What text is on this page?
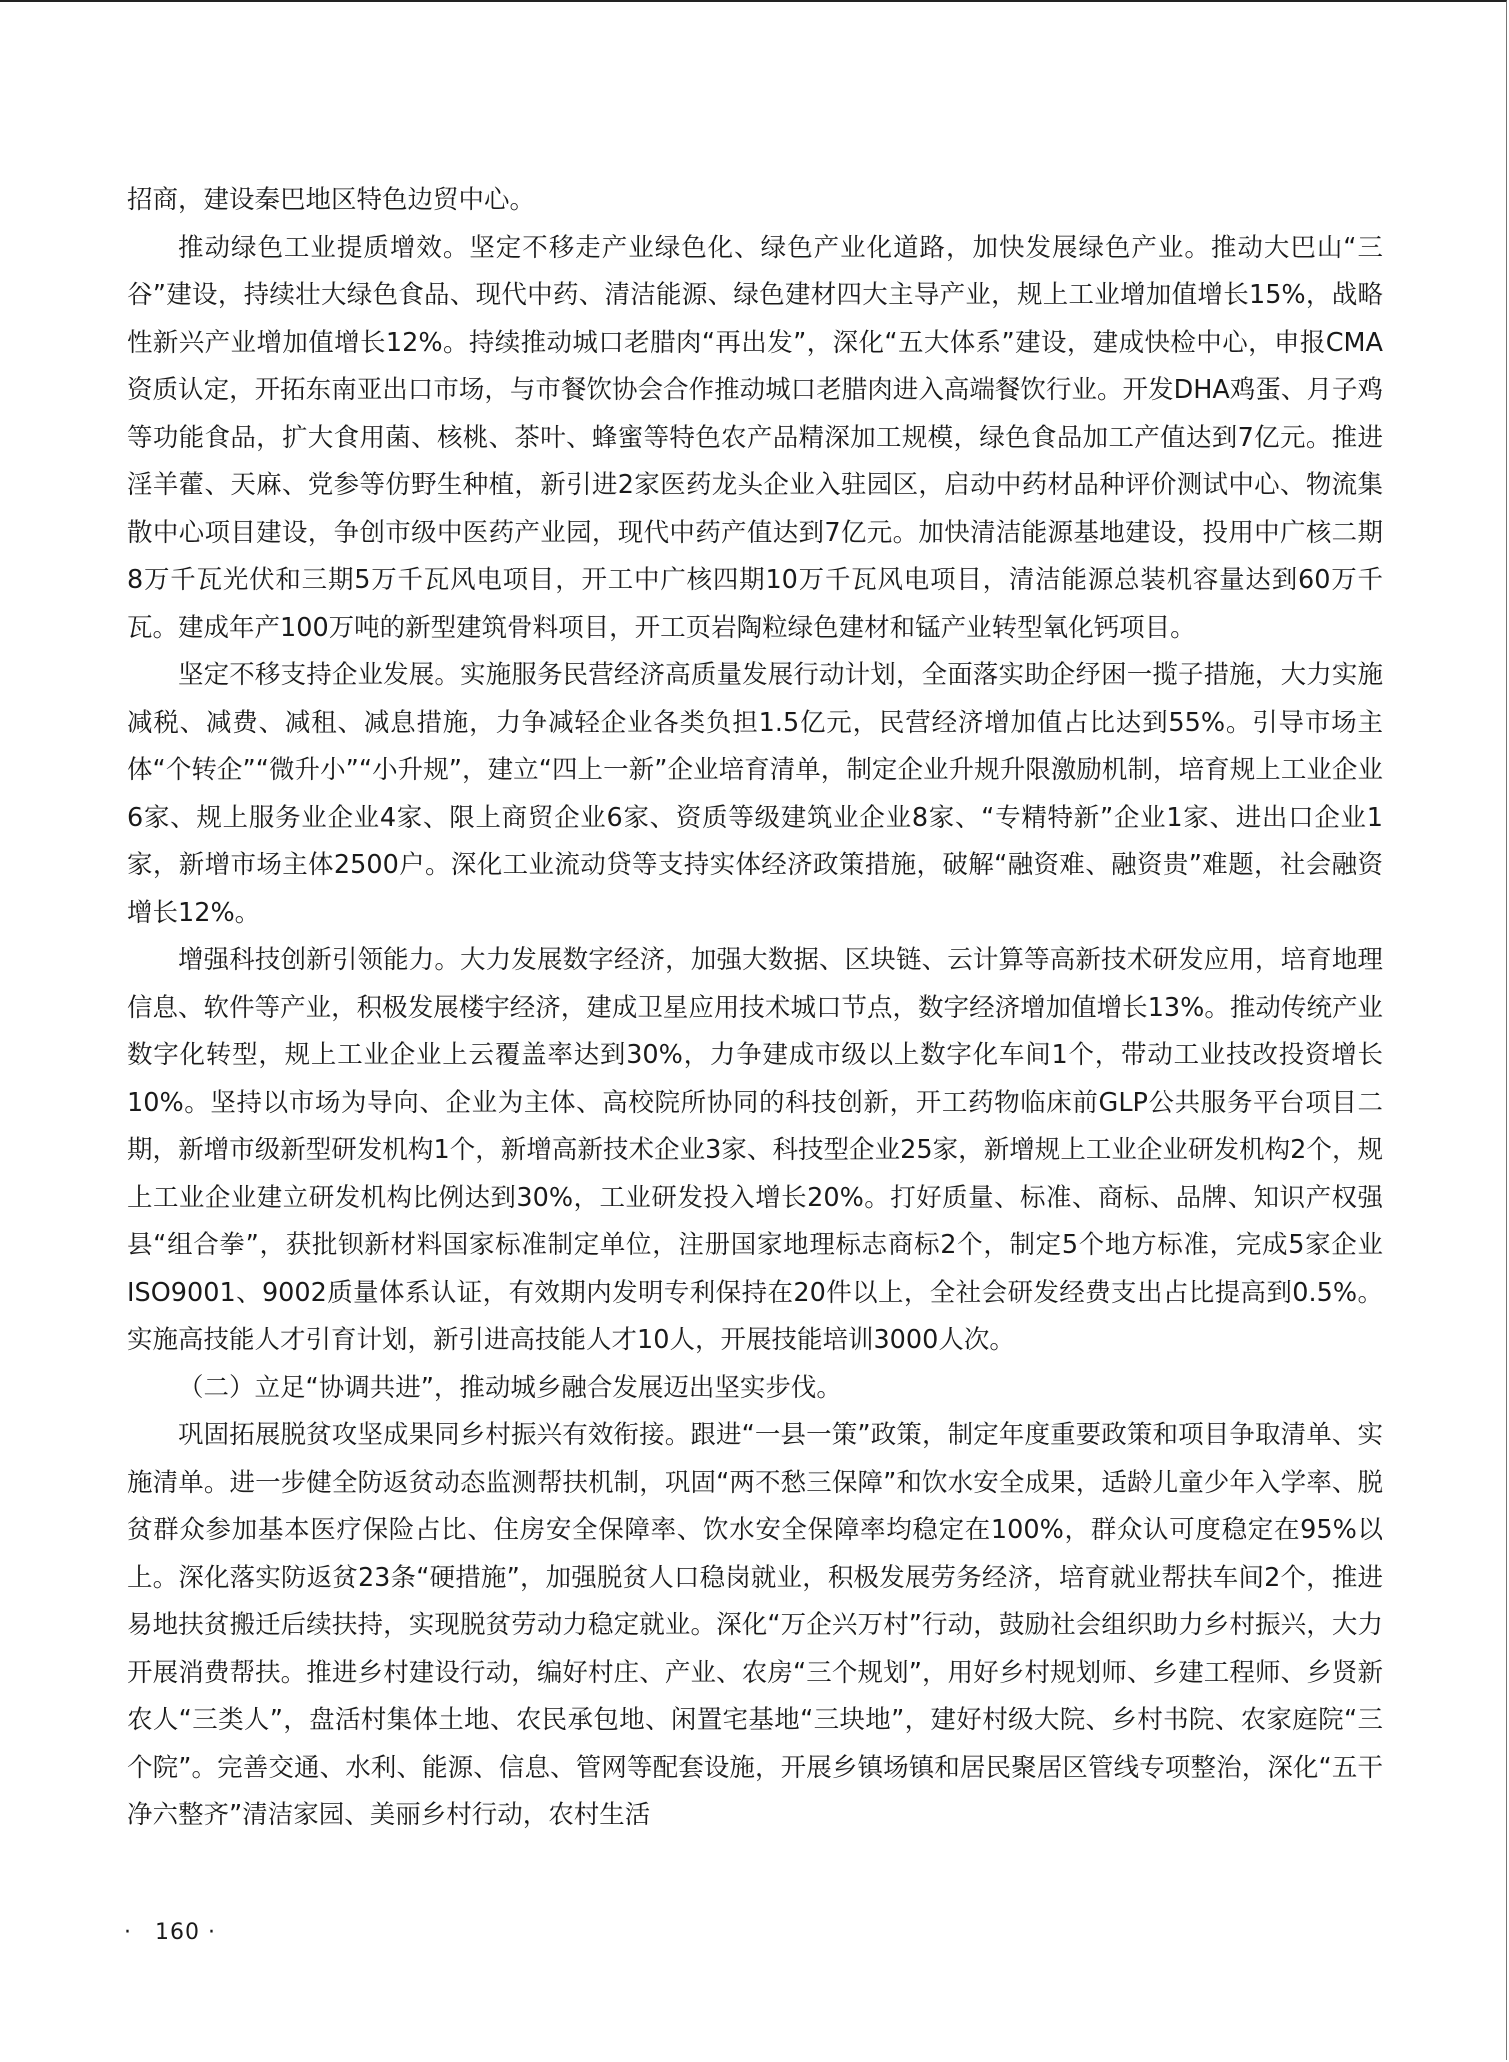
招商，建设秦巴地区特色边贸中心。

推动绿色工业提质增效。坚定不移走产业绿色化、绿色产业化道路，加快发展绿色产业。推动大巴山“三谷”建设，持续壮大绿色食品、现代中药、清洁能源、绿色建材四大主导产业，规上工业增加值增长15%，战略性新兴产业增加值增长12%。持续推动城口老腊肉“再出发”，深化“五大体系”建设，建成快检中心，申报CMA资质认定，开拓东南亚出口市场，与市餐饮协会合作推动城口老腊肉进入高端餐饮行业。开发DHA鸡蛋、月子鸡等功能食品，扩大食用菌、核桃、茶叶、蜂蜜等特色农产品精深加工规模，绿色食品加工产值达到7亿元。推进淫羊藿、天麻、党参等仿野生种植，新引进2家医药龙头企业入驻园区，启动中药材品种评价测试中心、物流集散中心项目建设，争创市级中医药产业园，现代中药产值达到7亿元。加快清洁能源基地建设，投用中广核二期8万千瓦光伏和三期5万千瓦风电项目，开工中广核四期10万千瓦风电项目，清洁能源总装机容量达到60万千瓦。建成年产100万吨的新型建筑骨料项目，开工页岩陶粒绿色建材和锰产业转型氧化钙项目。

坚定不移支持企业发展。实施服务民营经济高质量发展行动计划，全面落实助企纾困一揽子措施，大力实施减税、减费、减租、减息措施，力争减轻企业各类负担1.5亿元，民营经济增加值占比达到55%。引导市场主体“个转企”“微升小”“小升规”，建立“四上一新”企业培育清单，制定企业升规升限激励机制，培育规上工业企业6家、规上服务业企业4家、限上商贸企业6家、资质等级建筑业企业8家、“专精特新”企业1家、进出口企业1家，新增市场主体2500户。深化工业流动贷等支持实体经济政策措施，破解“融资难、融资贵”难题，社会融资增长12%。

增强科技创新引领能力。大力发展数字经济，加强大数据、区块链、云计算等高新技术研发应用，培育地理信息、软件等产业，积极发展楼宇经济，建成卫星应用技术城口节点，数字经济增加值增长13%。推动传统产业数字化转型，规上工业企业上云覆盖率达到30%，力争建成市级以上数字化车间1个，带动工业技改投资增长10%。坚持以市场为导向、企业为主体、高校院所协同的科技创新，开工药物临床前GLP公共服务平台项目二期，新增市级新型研发机构1个，新增高新技术企业3家、科技型企业25家，新增规上工业企业研发机构2个，规上工业企业建立研发机构比例达到30%，工业研发投入增长20%。打好质量、标准、商标、品牌、知识产权强县“组合拳”，获批钡新材料国家标准制定单位，注册国家地理标志商标2个，制定5个地方标准，完成5家企业ISO9001、9002质量体系认证，有效期内发明专利保持在20件以上，全社会研发经费支出占比提高到0.5%。实施高技能人才引育计划，新引进高技能人才10人，开展技能培训3000人次。

（二）立足“协调共进”，推动城乡融合发展迈出坚实步伐。

巩固拓展脱贫攻坚成果同乡村振兴有效衔接。跟进“一县一策”政策，制定年度重要政策和项目争取清单、实施清单。进一步健全防返贫动态监测帮扶机制，巩固“两不愁三保障”和饮水安全成果，适龄儿童少年入学率、脱贫群众参加基本医疗保险占比、住房安全保障率、饮水安全保障率均稳定在100%，群众认可度稳定在95%以上。深化落实防返贫23条“硬措施”，加强脱贫人口稳岗就业，积极发展劳务经济，培育就业帮扶车间2个，推进易地扶贫搬迁后续扶持，实现脱贫劳动力稳定就业。深化“万企兴万村”行动，鼓励社会组织助力乡村振兴，大力开展消费帮扶。推进乡村建设行动，编好村庄、产业、农房“三个规划”，用好乡村规划师、乡建工程师、乡贤新农人“三类人”，盘活村集体土地、农民承包地、闲置宅基地“三块地”，建好村级大院、乡村书院、农家庭院“三个院”。完善交通、水利、能源、信息、管网等配套设施，开展乡镇场镇和居民聚居区管线专项整治，深化“五干净六整齐”清洁家园、美丽乡村行动，农村生活

·　160 ·
